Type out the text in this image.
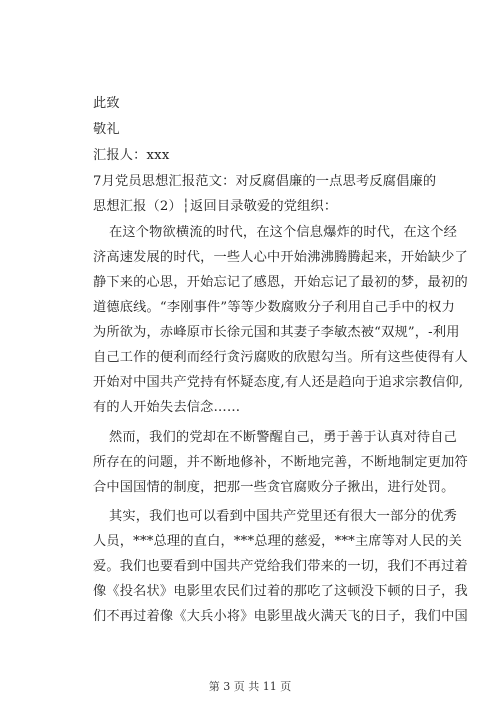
此致
敬礼
汇报人：xxx
7月党员思想汇报范文：对反腐倡廉的一点思考反腐倡廉的
思想汇报（2）┆返回目录敬爱的党组织：
在这个物欲横流的时代，在这个信息爆炸的时代，在这个经
济高速发展的时代，一些人心中开始沸沸腾腾起来，开始缺少了
静下来的心思，开始忘记了感恩，开始忘记了最初的梦，最初的
道德底线。“李刚事件”等等少数腐败分子利用自己手中的权力
为所欲为，赤峰原市长徐元国和其妻子李敏杰被“双规”，-利用
自己工作的便利而经行贪污腐败的欣慰勾当。所有这些使得有人
开始对中国共产党持有怀疑态度,有人还是趋向于追求宗教信仰,
有的人开始失去信念……
然而，我们的党却在不断警醒自己，勇于善于认真对待自己
所存在的问题，并不断地修补，不断地完善，不断地制定更加符
合中国国情的制度，把那一些贪官腐败分子揪出，进行处罚。
其实，我们也可以看到中国共产党里还有很大一部分的优秀
人员，***总理的直白，***总理的慈爱，***主席等对人民的关
爱。我们也要看到中国共产党给我们带来的一切，我们不再过着
像《投名状》电影里农民们过着的那吃了这顿没下顿的日子，我
们不再过着像《大兵小将》电影里战火满天飞的日子，我们中国
第 3 页 共 11 页
